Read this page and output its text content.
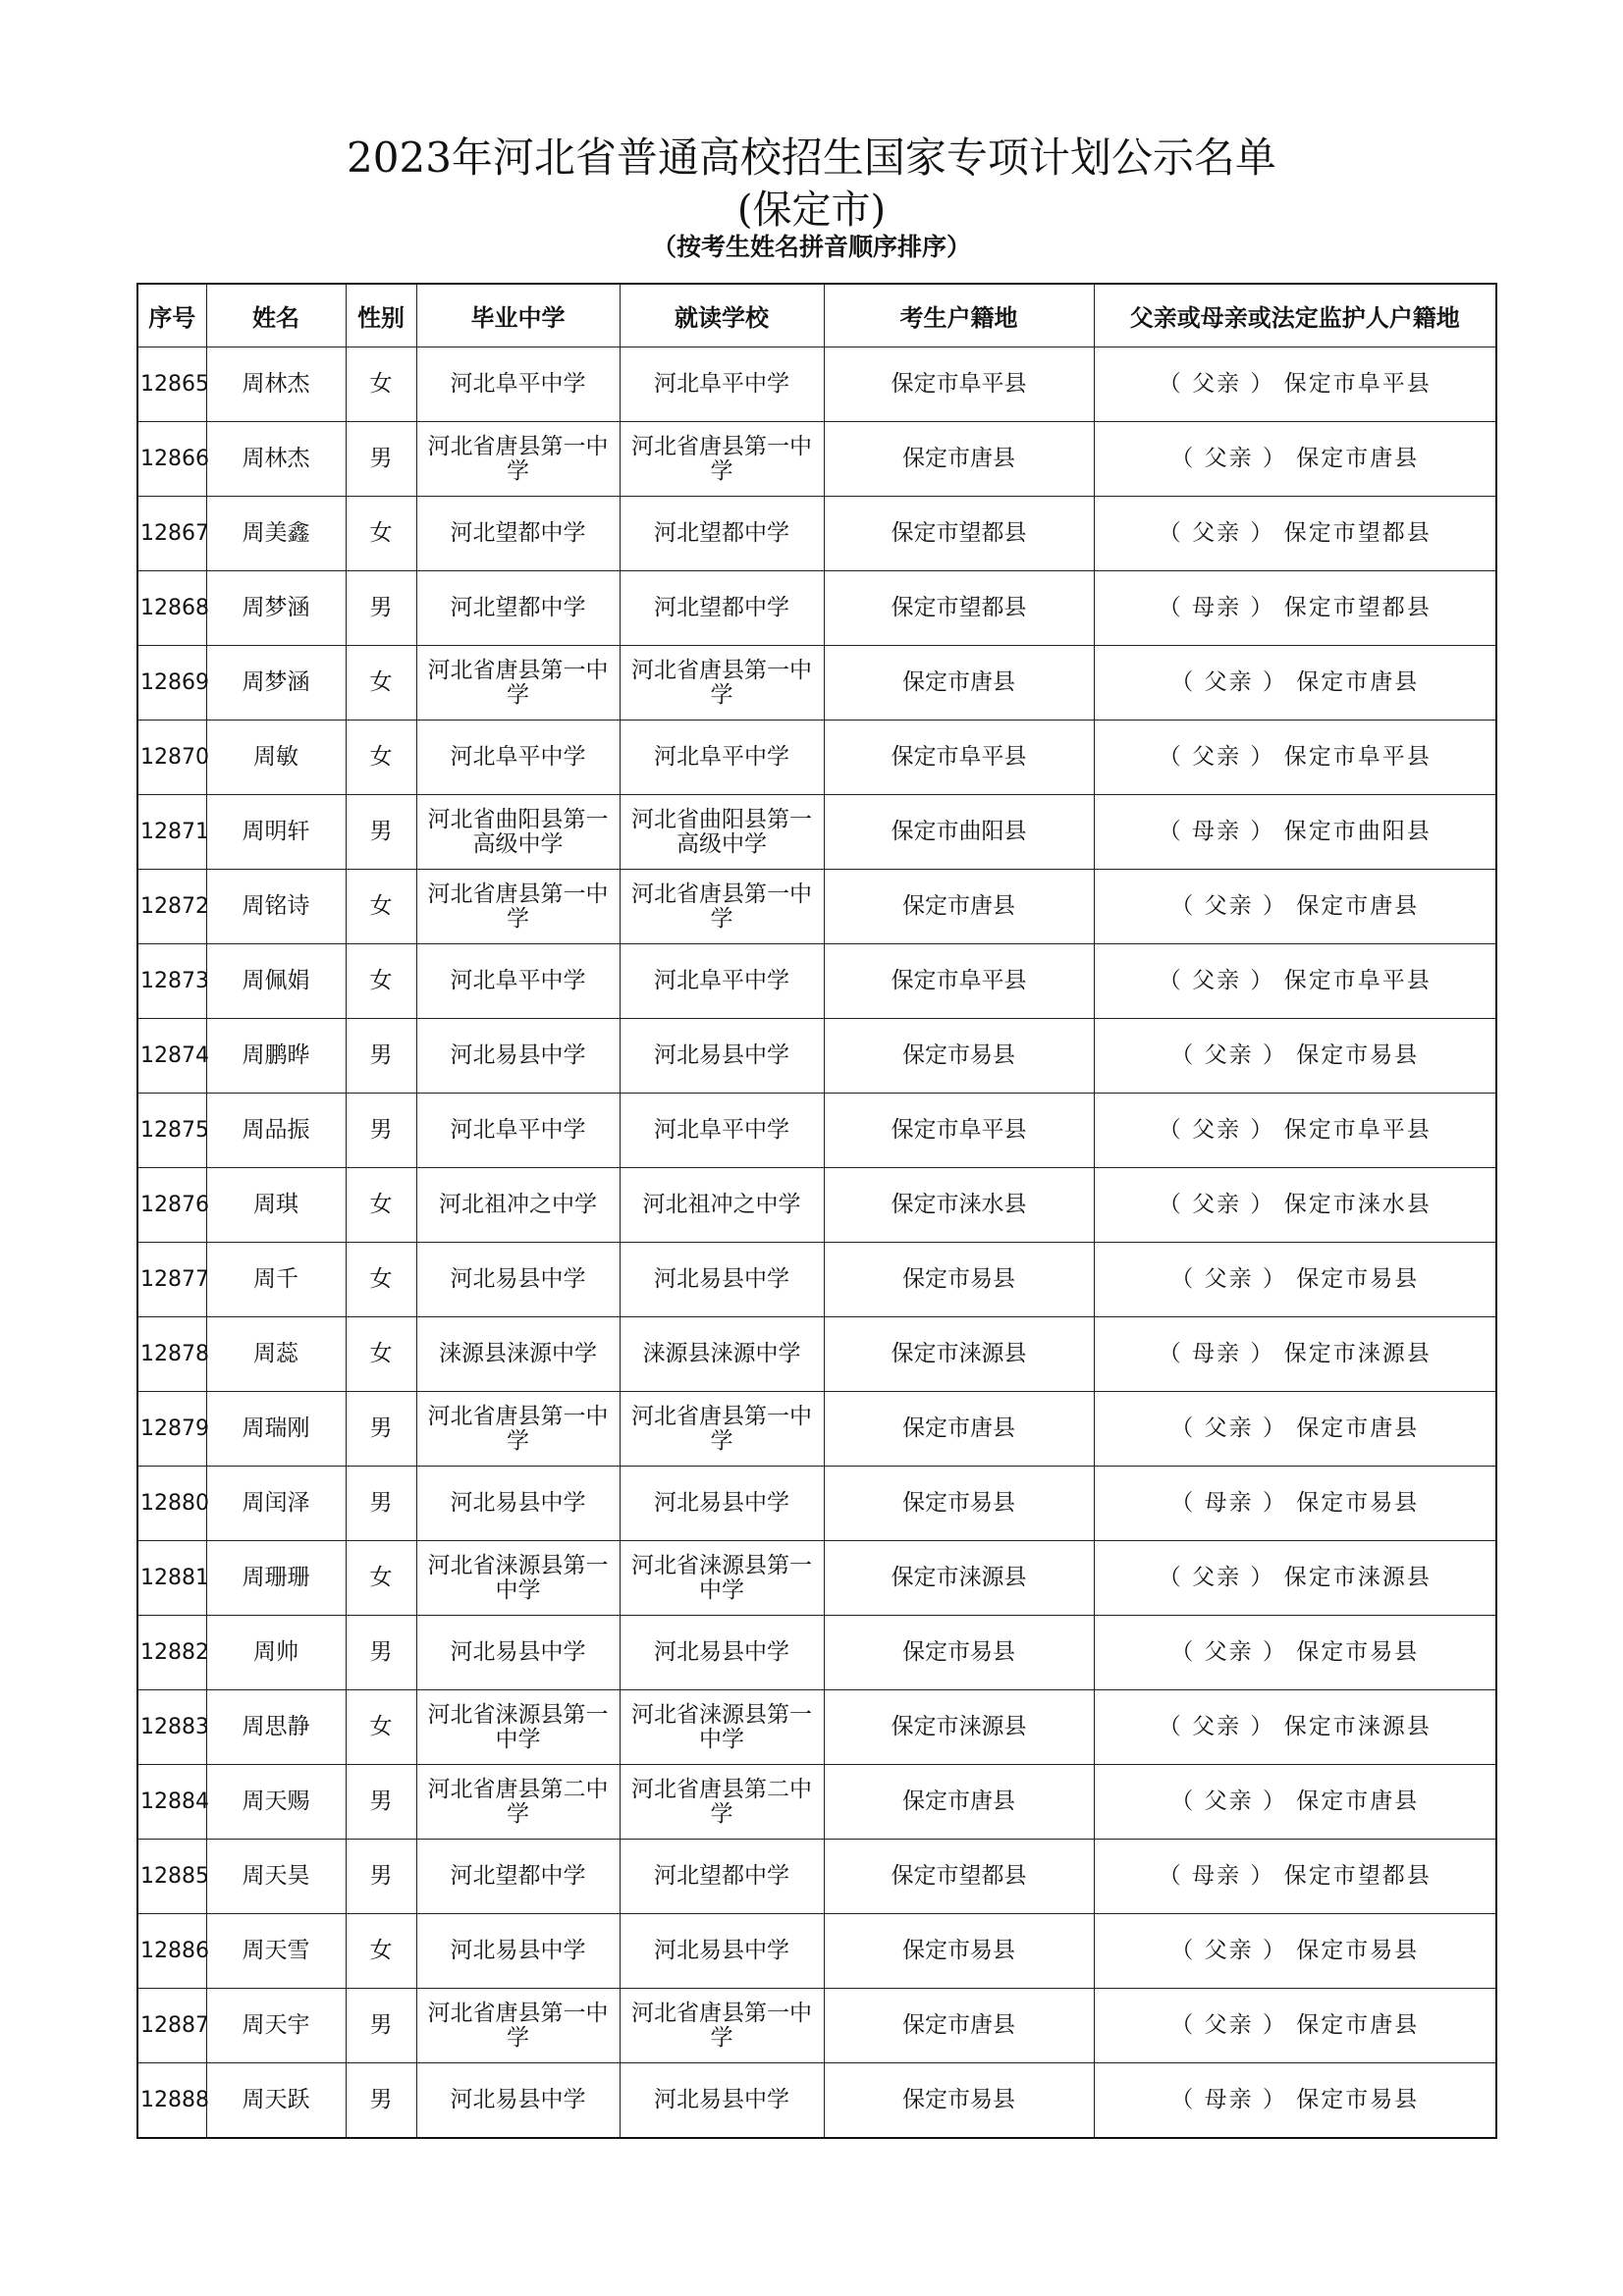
2023年河北省普通高校招生国家专项计划公示名单
(保定市)
（按考生姓名拼音顺序排序）
序号	姓名	性别	毕业中学	就读学校	考生户籍地	父亲或母亲或法定监护人户籍地
12865	周林杰	女	河北阜平中学	河北阜平中学	保定市阜平县	（ 父亲 ） 保定市阜平县
12866	周林杰	男	河北省唐县第一中学	河北省唐县第一中学	保定市唐县	（ 父亲 ） 保定市唐县
12867	周美鑫	女	河北望都中学	河北望都中学	保定市望都县	（ 父亲 ） 保定市望都县
12868	周梦涵	男	河北望都中学	河北望都中学	保定市望都县	（ 母亲 ） 保定市望都县
12869	周梦涵	女	河北省唐县第一中学	河北省唐县第一中学	保定市唐县	（ 父亲 ） 保定市唐县
12870	周敏	女	河北阜平中学	河北阜平中学	保定市阜平县	（ 父亲 ） 保定市阜平县
12871	周明轩	男	河北省曲阳县第一高级中学	河北省曲阳县第一高级中学	保定市曲阳县	（ 母亲 ） 保定市曲阳县
12872	周铭诗	女	河北省唐县第一中学	河北省唐县第一中学	保定市唐县	（ 父亲 ） 保定市唐县
12873	周佩娟	女	河北阜平中学	河北阜平中学	保定市阜平县	（ 父亲 ） 保定市阜平县
12874	周鹏晔	男	河北易县中学	河北易县中学	保定市易县	（ 父亲 ） 保定市易县
12875	周品振	男	河北阜平中学	河北阜平中学	保定市阜平县	（ 父亲 ） 保定市阜平县
12876	周琪	女	河北祖冲之中学	河北祖冲之中学	保定市涞水县	（ 父亲 ） 保定市涞水县
12877	周千	女	河北易县中学	河北易县中学	保定市易县	（ 父亲 ） 保定市易县
12878	周蕊	女	涞源县涞源中学	涞源县涞源中学	保定市涞源县	（ 母亲 ） 保定市涞源县
12879	周瑞刚	男	河北省唐县第一中学	河北省唐县第一中学	保定市唐县	（ 父亲 ） 保定市唐县
12880	周闰泽	男	河北易县中学	河北易县中学	保定市易县	（ 母亲 ） 保定市易县
12881	周珊珊	女	河北省涞源县第一中学	河北省涞源县第一中学	保定市涞源县	（ 父亲 ） 保定市涞源县
12882	周帅	男	河北易县中学	河北易县中学	保定市易县	（ 父亲 ） 保定市易县
12883	周思静	女	河北省涞源县第一中学	河北省涞源县第一中学	保定市涞源县	（ 父亲 ） 保定市涞源县
12884	周天赐	男	河北省唐县第二中学	河北省唐县第二中学	保定市唐县	（ 父亲 ） 保定市唐县
12885	周天昊	男	河北望都中学	河北望都中学	保定市望都县	（ 母亲 ） 保定市望都县
12886	周天雪	女	河北易县中学	河北易县中学	保定市易县	（ 父亲 ） 保定市易县
12887	周天宇	男	河北省唐县第一中学	河北省唐县第一中学	保定市唐县	（ 父亲 ） 保定市唐县
12888	周天跃	男	河北易县中学	河北易县中学	保定市易县	（ 母亲 ） 保定市易县
